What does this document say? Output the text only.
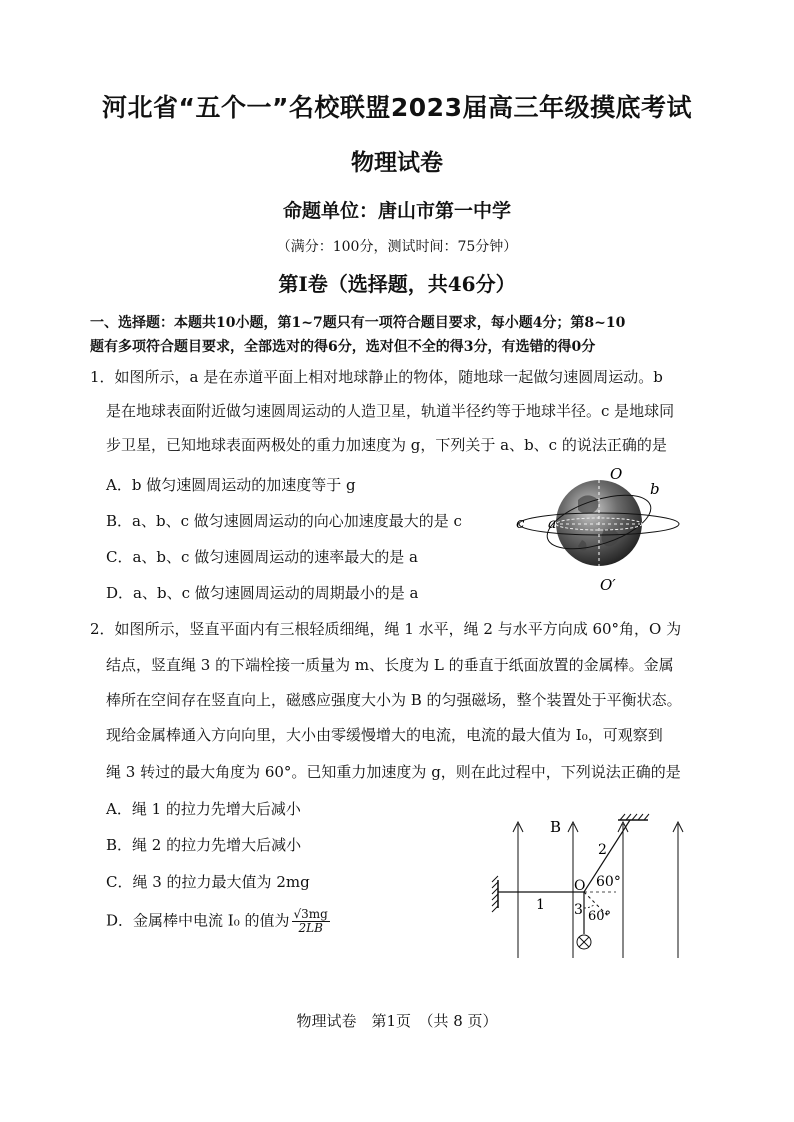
河北省“五个一”名校联盟2023届高三年级摸底考试
物理试卷
命题单位：唐山市第一中学
（满分：100分，测试时间：75分钟）
第Ⅰ卷（选择题，共46分）
一、选择题：本题共10小题，第1~7题只有一项符合题目要求，每小题4分；第8~10
题有多项符合题目要求，全部选对的得6分，选对但不全的得3分，有选错的得0分
1．如图所示，a 是在赤道平面上相对地球静止的物体，随地球一起做匀速圆周运动。b
是在地球表面附近做匀速圆周运动的人造卫星，轨道半径约等于地球半径。c 是地球同
步卫星，已知地球表面两极处的重力加速度为 g，下列关于 a、b、c 的说法正确的是
A．b 做匀速圆周运动的加速度等于 g
B．a、b、c 做匀速圆周运动的向心加速度最大的是 c
C．a、b、c 做匀速圆周运动的速率最大的是 a
D．a、b、c 做匀速圆周运动的周期最小的是 a
O
O′
b
c a
2．如图所示，竖直平面内有三根轻质细绳，绳 1 水平，绳 2 与水平方向成 60°角，O 为
结点，竖直绳 3 的下端栓接一质量为 m、长度为 L 的垂直于纸面放置的金属棒。金属
棒所在空间存在竖直向上，磁感应强度大小为 B 的匀强磁场，整个装置处于平衡状态。
现给金属棒通入方向向里，大小由零缓慢增大的电流，电流的最大值为 I₀，可观察到
绳 3 转过的最大角度为 60°。已知重力加速度为 g，则在此过程中，下列说法正确的是
A．绳 1 的拉力先增大后减小
B．绳 2 的拉力先增大后减小
C．绳 3 的拉力最大值为 2mg
D．金属棒中电流 I₀ 的值为 $\frac{√3mg}{2LB}$
B
O
1
2
3
60°
60°
物理试卷　第1页　（共 8 页）
